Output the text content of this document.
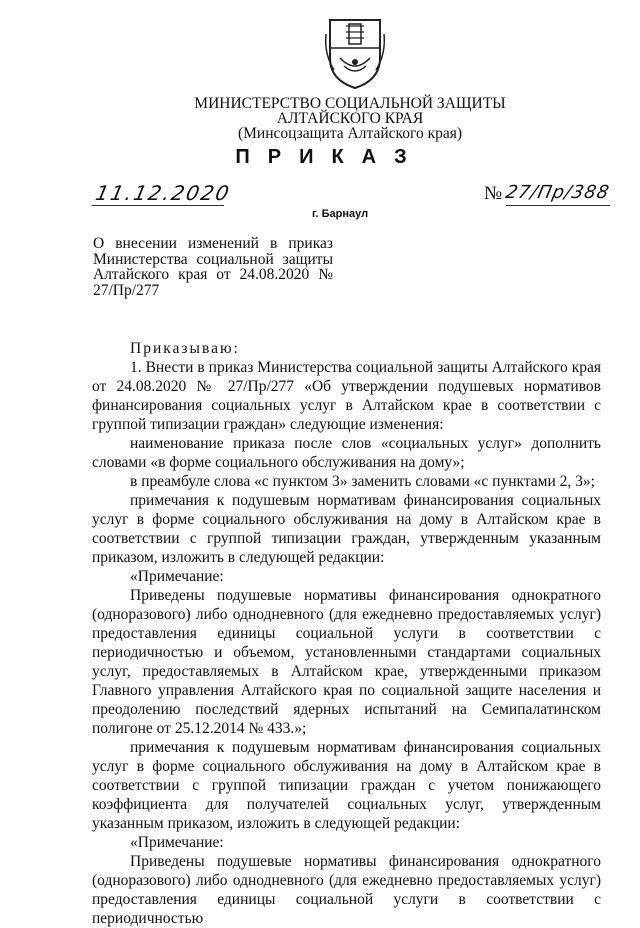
МИНИСТЕРСТВО СОЦИАЛЬНОЙ ЗАЩИТЫ
АЛТАЙСКОГО КРАЯ
(Минсоцзащита Алтайского края)
ПРИКАЗ
11.12.2020	№ 27/Пр/388
г. Барнаул
О внесении изменений в приказ Министерства социальной защиты Алтайского края от 24.08.2020 № 27/Пр/277

Приказываю:

1. Внести в приказ Министерства социальной защиты Алтайского края от 24.08.2020 № 27/Пр/277 «Об утверждении подушевых нормативов финансирования социальных услуг в Алтайском крае в соответствии с группой типизации граждан» следующие изменения:

наименование приказа после слов «социальных услуг» дополнить словами «в форме социального обслуживания на дому»;

в преамбуле слова «с пунктом 3» заменить словами «с пунктами 2, 3»;

примечания к подушевым нормативам финансирования социальных услуг в форме социального обслуживания на дому в Алтайском крае в соответствии с группой типизации граждан, утвержденным указанным приказом, изложить в следующей редакции:

«Примечание:

Приведены подушевые нормативы финансирования однократного (одноразового) либо однодневного (для ежедневно предоставляемых услуг) предоставления единицы социальной услуги в соответствии с периодичностью и объемом, установленными стандартами социальных услуг, предоставляемых в Алтайском крае, утвержденными приказом Главного управления Алтайского края по социальной защите населения и преодолению последствий ядерных испытаний на Семипалатинском полигоне от 25.12.2014 № 433.»;

примечания к подушевым нормативам финансирования социальных услуг в форме социального обслуживания на дому в Алтайском крае в соответствии с группой типизации граждан с учетом понижающего коэффициента для получателей социальных услуг, утвержденным указанным приказом, изложить в следующей редакции:

«Примечание:

Приведены подушевые нормативы финансирования однократного (одноразового) либо однодневного (для ежедневно предоставляемых услуг) предоставления единицы социальной услуги в соответствии с периодичностью
